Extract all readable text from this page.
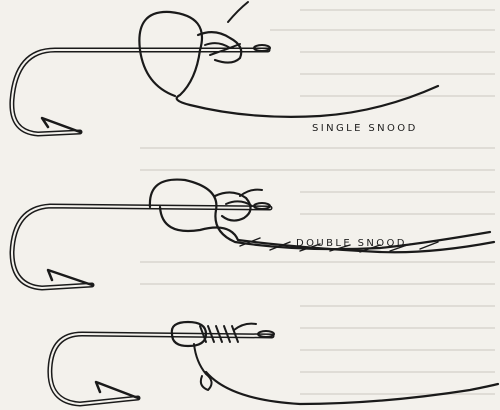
SINGLE SNOOD
DOUBLE SNOOD
